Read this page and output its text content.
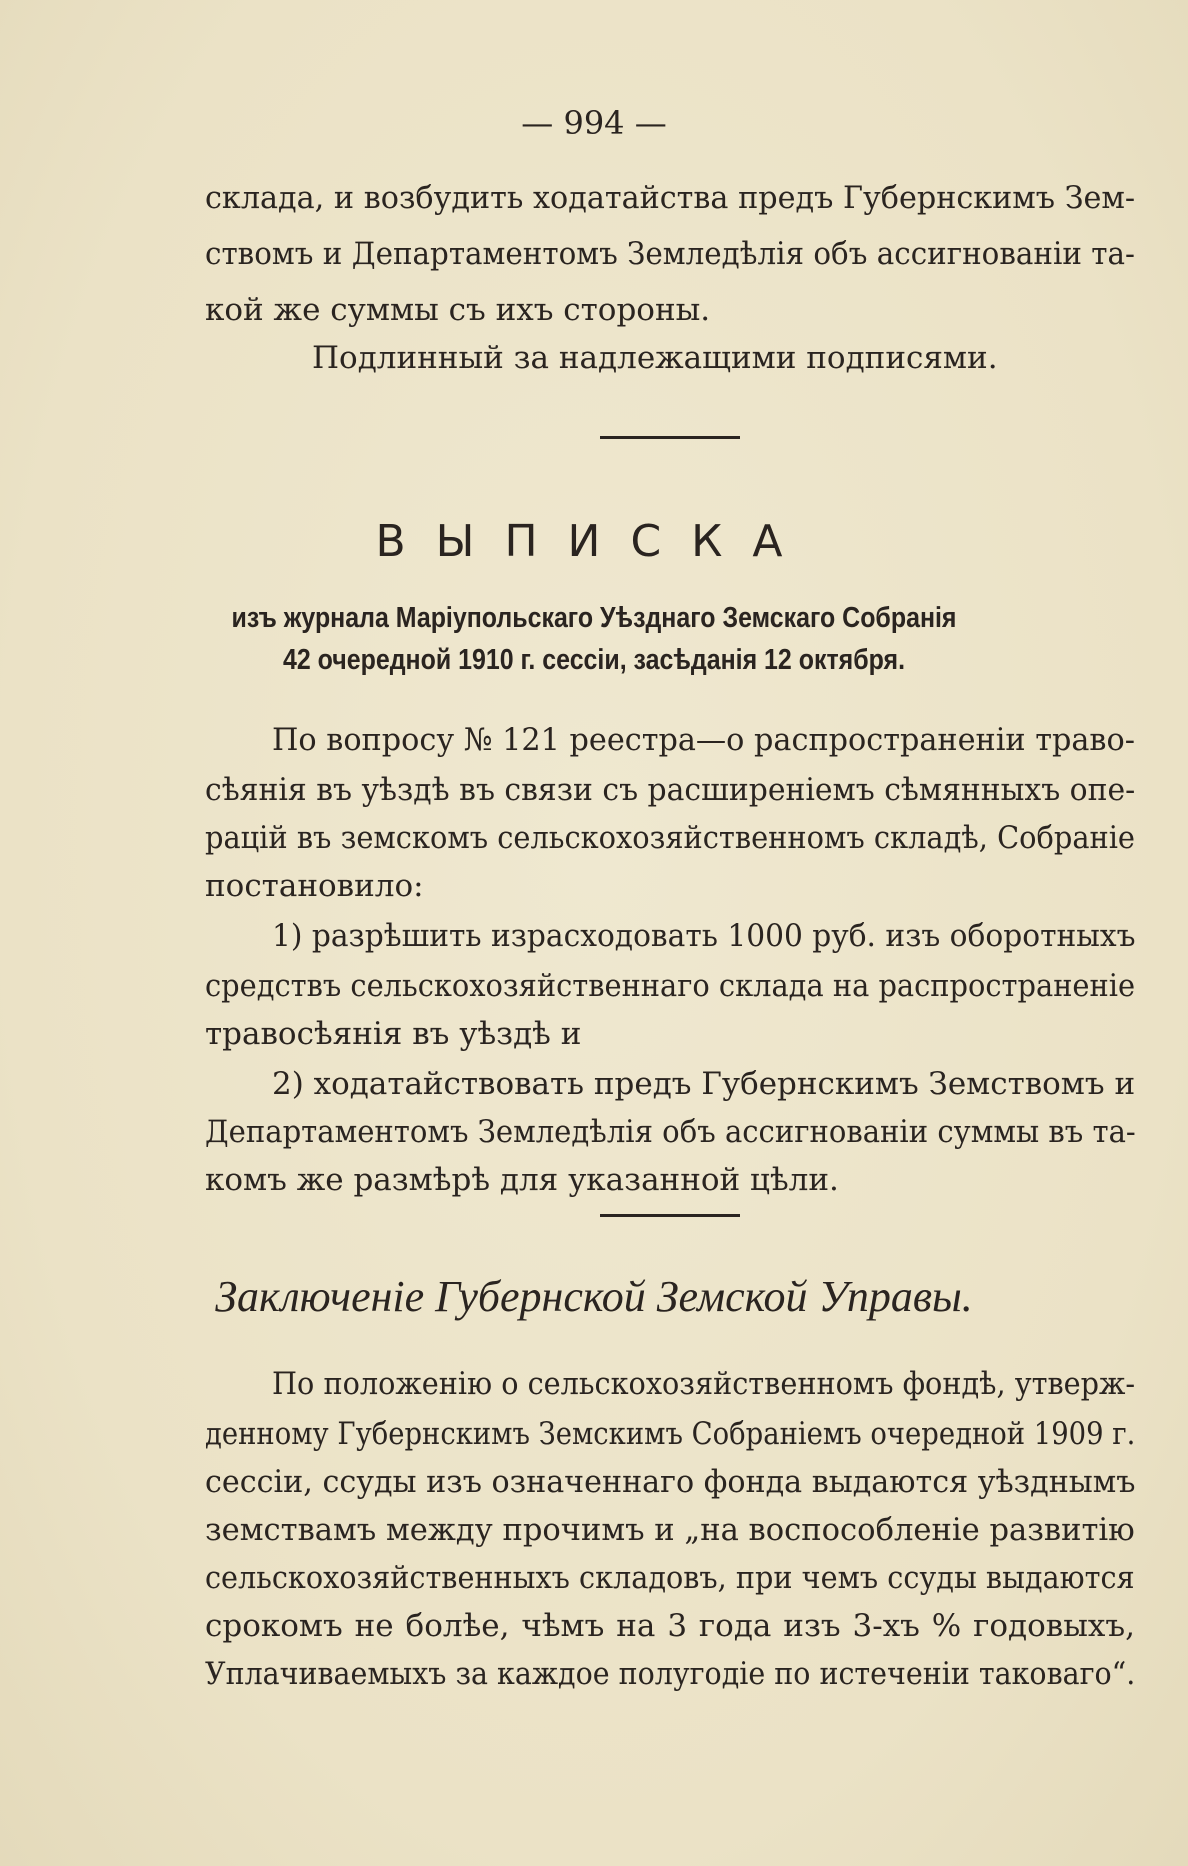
— 994 —
склада, и возбудить ходатайства предъ Губернскимъ Зем-
ствомъ и Департаментомъ Земледѣлія объ ассигнованіи та-
кой же суммы съ ихъ стороны.
Подлинный за надлежащими подписями.
ВЫПИСКА
изъ журнала Маріупольскаго Уѣзднаго Земскаго Собранія
42 очередной 1910 г. сессіи, засѣданія 12 октября.
По вопросу № 121 реестра—о распространеніи траво-
сѣянія въ уѣздѣ въ связи съ расширеніемъ сѣмянныхъ опе-
рацій въ земскомъ сельскохозяйственномъ складѣ, Собраніе
постановило:
1) разрѣшить израсходовать 1000 руб. изъ оборотныхъ
средствъ сельскохозяйственнаго склада на распространеніе
травосѣянія въ уѣздѣ и
2) ходатайствовать предъ Губернскимъ Земствомъ и
Департаментомъ Земледѣлія объ ассигнованіи суммы въ та-
комъ же размѣрѣ для указанной цѣли.
Заключеніе Губернской Земской Управы.
По положенію о сельскохозяйственномъ фондѣ, утверж-
денному Губернскимъ Земскимъ Собраніемъ очередной 1909 г.
сессіи, ссуды изъ означеннаго фонда выдаются уѣзднымъ
земствамъ между прочимъ и „на воспособленіе развитію
сельскохозяйственныхъ складовъ, при чемъ ссуды выдаются
срокомъ не болѣе, чѣмъ на 3 года изъ 3-хъ % годовыхъ,
Уплачиваемыхъ за каждое полугодіе по истеченіи таковаго“.
